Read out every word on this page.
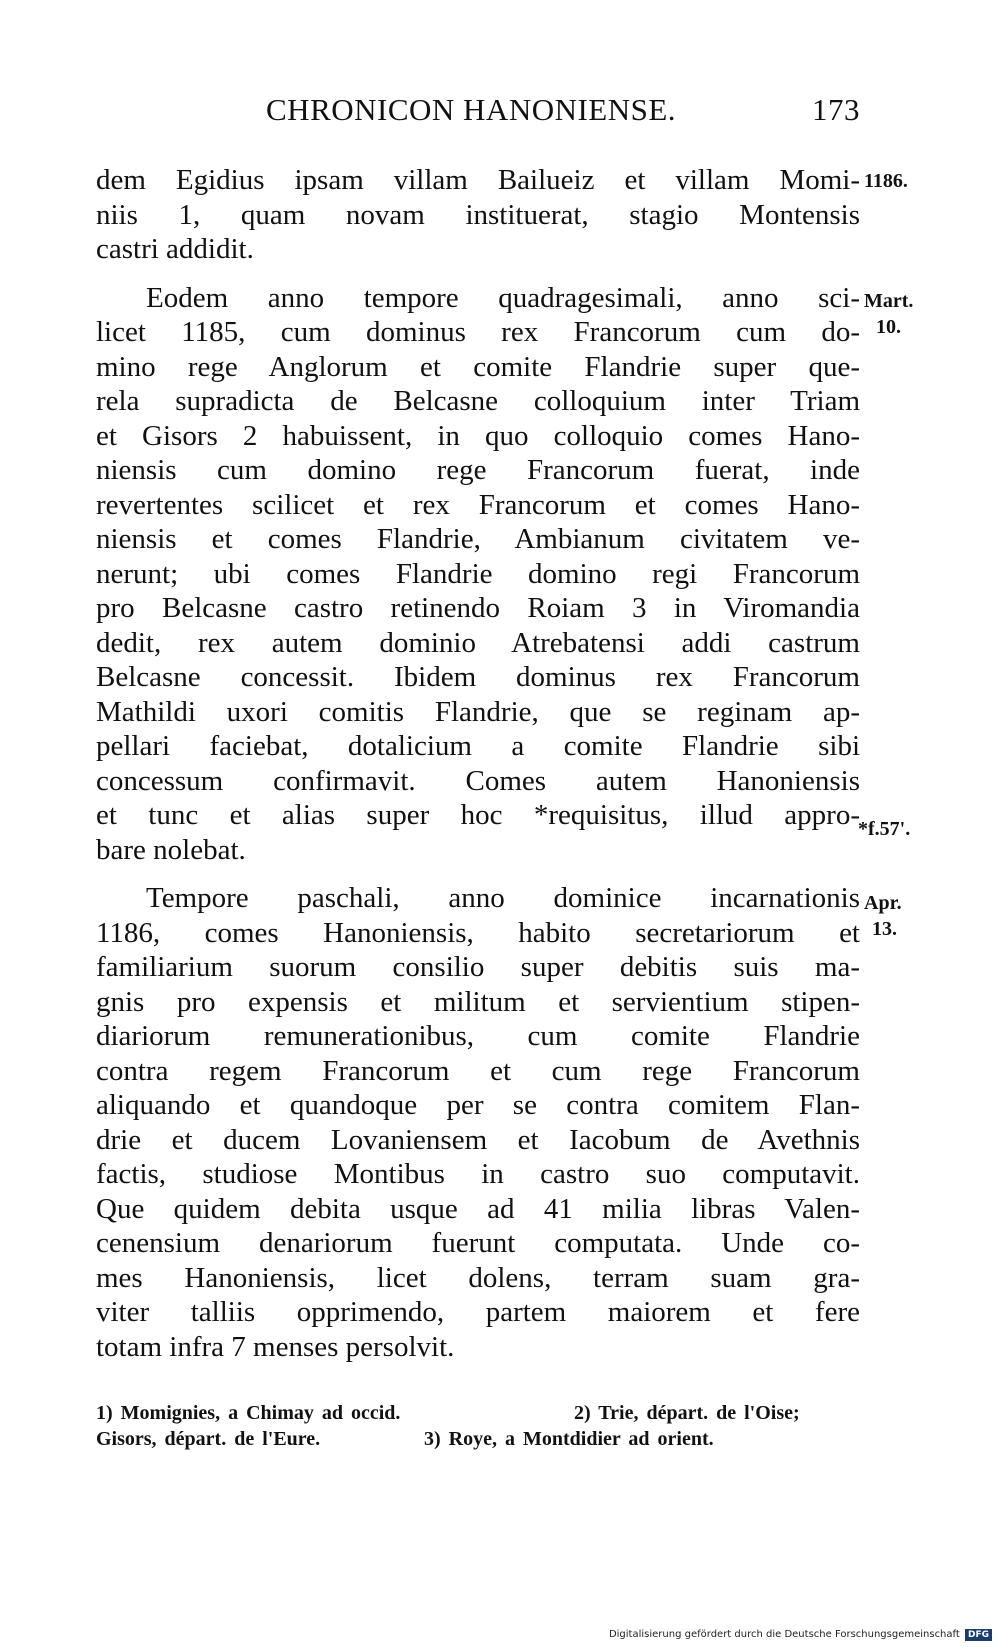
CHRONICON HANONIENSE.	173
dem Egidius ipsam villam Bailueiz et villam Momi-
niis 1, quam novam instituerat, stagio Montensis
castri addidit.
Eodem anno tempore quadragesimali, anno sci-
licet 1185, cum dominus rex Francorum cum do-
mino rege Anglorum et comite Flandrie super que-
rela supradicta de Belcasne colloquium inter Triam
et Gisors 2 habuissent, in quo colloquio comes Hano-
niensis cum domino rege Francorum fuerat, inde
revertentes scilicet et rex Francorum et comes Hano-
niensis et comes Flandrie, Ambianum civitatem ve-
nerunt; ubi comes Flandrie domino regi Francorum
pro Belcasne castro retinendo Roiam 3 in Viromandia
dedit, rex autem dominio Atrebatensi addi castrum
Belcasne concessit. Ibidem dominus rex Francorum
Mathildi uxori comitis Flandrie, que se reginam ap-
pellari faciebat, dotalicium a comite Flandrie sibi
concessum confirmavit. Comes autem Hanoniensis
et tunc et alias super hoc *requisitus, illud appro-
bare nolebat.
Tempore paschali, anno dominice incarnationis
1186, comes Hanoniensis, habito secretariorum et
familiarium suorum consilio super debitis suis ma-
gnis pro expensis et militum et servientium stipen-
diariorum remunerationibus, cum comite Flandrie
contra regem Francorum et cum rege Francorum
aliquando et quandoque per se contra comitem Flan-
drie et ducem Lovaniensem et Iacobum de Avethnis
factis, studiose Montibus in castro suo computavit.
Que quidem debita usque ad 41 milia libras Valen-
cenensium denariorum fuerunt computata. Unde co-
mes Hanoniensis, licet dolens, terram suam gra-
viter talliis opprimendo, partem maiorem et fere
totam infra 7 menses persolvit.
1186.
Mart.
10.
*f.57'.
Apr.
13.
1) Momignies, a Chimay ad occid.	2) Trie, départ. de l'Oise;
Gisors, départ. de l'Eure.	3) Roye, a Montdidier ad orient.
Digitalisierung gefördert durch die Deutsche Forschungsgemeinschaft DFG
